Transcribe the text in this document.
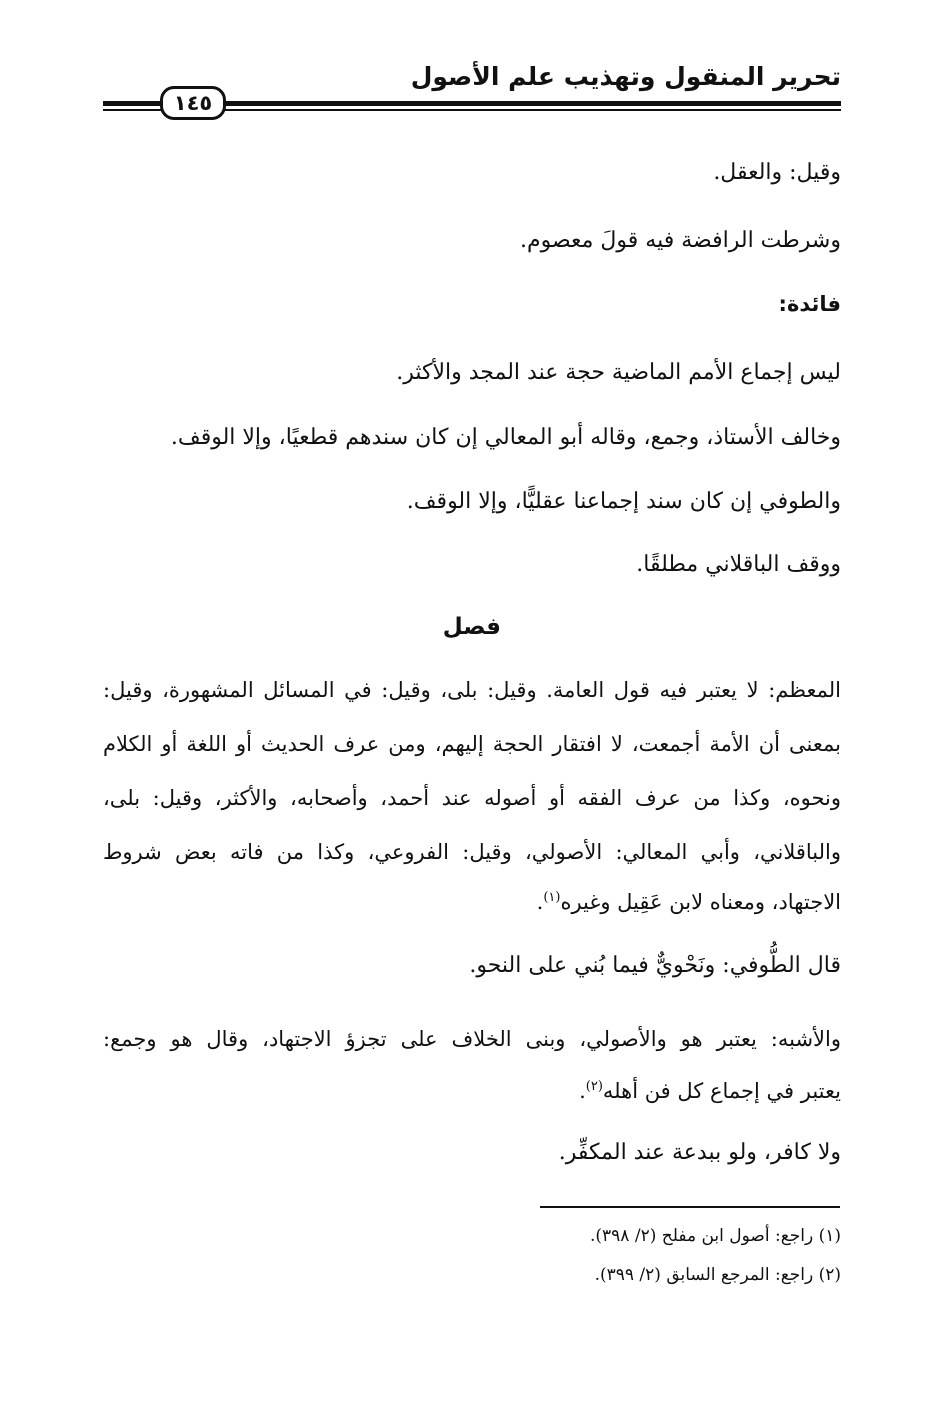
تحرير المنقول وتهذيب علم الأصول
١٤٥
وقيل: والعقل.
وشرطت الرافضة فيه قولَ معصوم.
فائدة:
ليس إجماع الأمم الماضية حجة عند المجد والأكثر.
وخالف الأستاذ، وجمع، وقاله أبو المعالي إن كان سندهم قطعيًا، وإلا الوقف.
والطوفي إن كان سند إجماعنا عقليًّا، وإلا الوقف.
ووقف الباقلاني مطلقًا.
فصل
المعظم: لا يعتبر فيه قول العامة. وقيل: بلى، وقيل: في المسائل المشهورة، وقيل:
بمعنى أن الأمة أجمعت، لا افتقار الحجة إليهم، ومن عرف الحديث أو اللغة أو الكلام
ونحوه، وكذا من عرف الفقه أو أصوله عند أحمد، وأصحابه، والأكثر، وقيل: بلى،
والباقلاني، وأبي المعالي: الأصولي، وقيل: الفروعي، وكذا من فاته بعض شروط
الاجتهاد، ومعناه لابن عَقِيل وغيره$^{(١)}$.
قال الطُّوفي: ونَحْويٌّ فيما بُني على النحو.
والأشبه: يعتبر هو والأصولي، وبنى الخلاف على تجزؤ الاجتهاد، وقال هو وجمع:
يعتبر في إجماع كل فن أهله$^{(٢)}$.
ولا كافر، ولو ببدعة عند المكفِّر.
(١) راجع: أصول ابن مفلح (٢/ ٣٩٨).
(٢) راجع: المرجع السابق (٢/ ٣٩٩).
